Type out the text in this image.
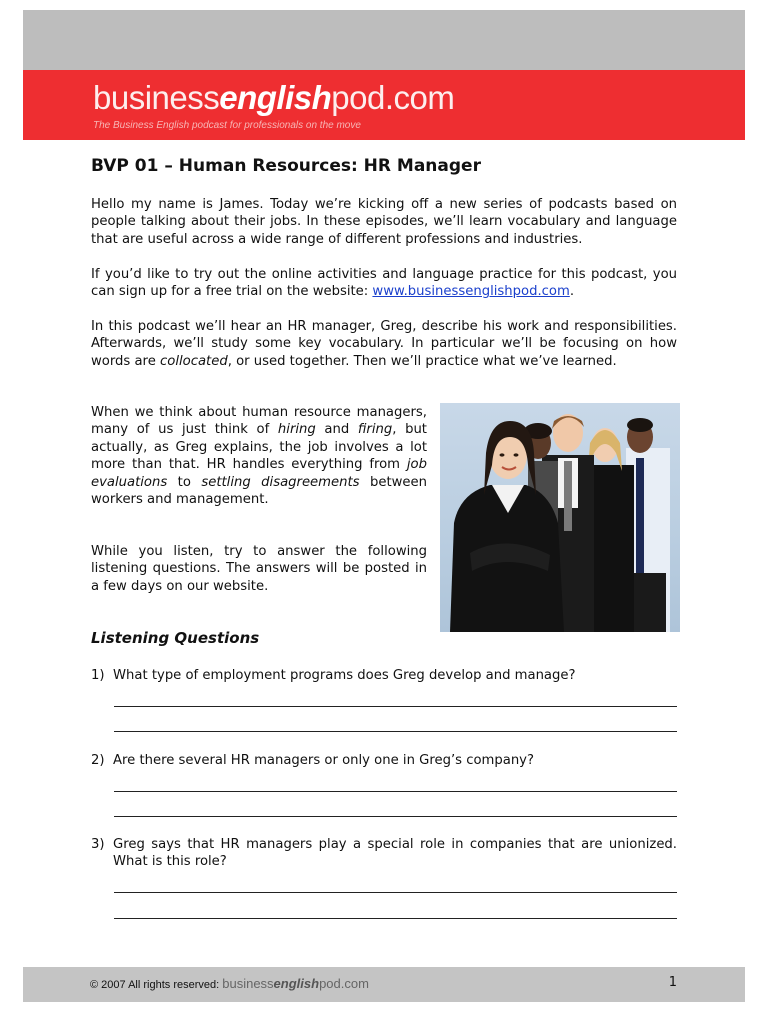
businessenglishpod.com
The Business English podcast for professionals on the move
BVP 01 – Human Resources: HR Manager

Hello my name is James. Today we’re kicking off a new series of podcasts based on people talking about their jobs. In these episodes, we’ll learn vocabulary and language that are useful across a wide range of different professions and industries.

If you’d like to try out the online activities and language practice for this podcast, you can sign up for a free trial on the website: www.businessenglishpod.com.

In this podcast we’ll hear an HR manager, Greg, describe his work and responsibilities. Afterwards, we’ll study some key vocabulary. In particular we’ll be focusing on how words are collocated, or used together. Then we’ll practice what we’ve learned.

When we think about human resource managers, many of us just think of hiring and firing, but actually, as Greg explains, the job involves a lot more than that. HR handles everything from job evaluations to settling disagreements between workers and management.

While you listen, try to answer the following listening questions. The answers will be posted in a few days on our website.

Listening Questions
1) What type of employment programs does Greg develop and manage?
2) Are there several HR managers or only one in Greg’s company?
3) Greg says that HR managers play a special role in companies that are unionized. What is this role?
© 2007 All rights reserved: businessenglishpod.com	1
